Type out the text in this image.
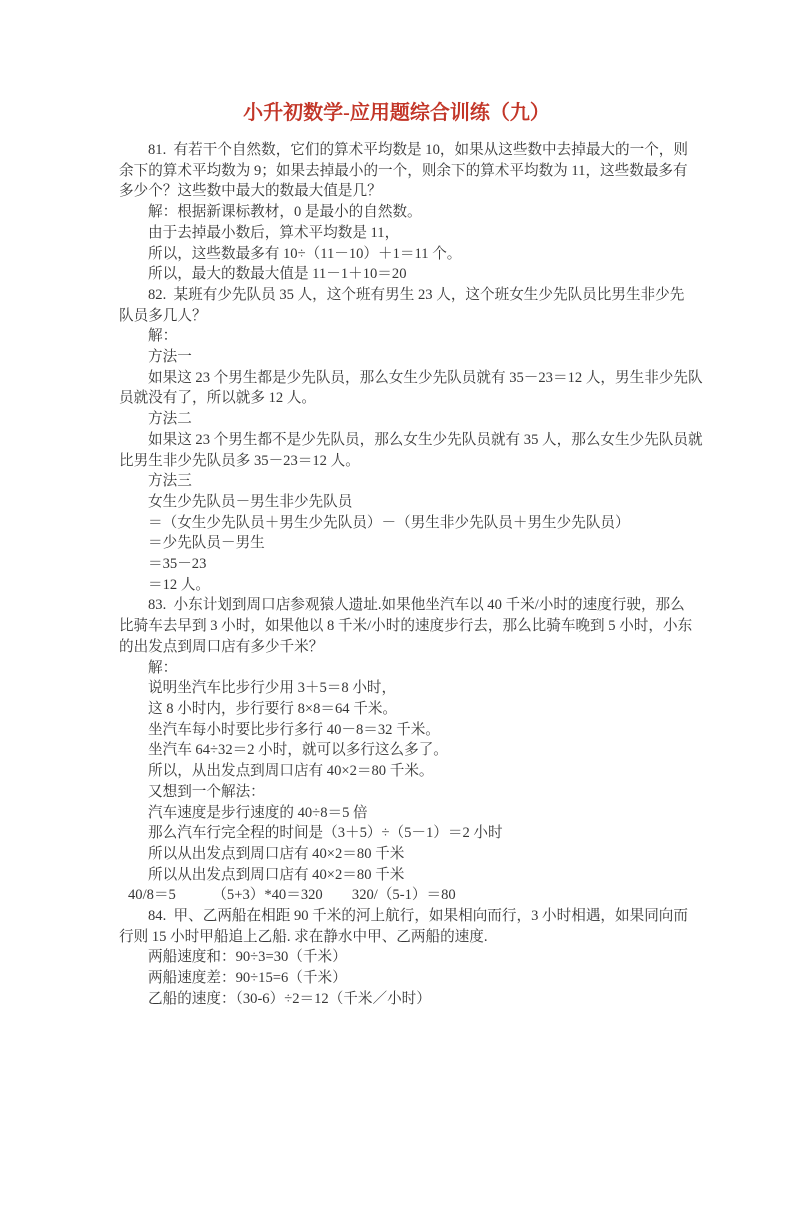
小升初数学-应用题综合训练（九）
81.  有若干个自然数，它们的算术平均数是 10，如果从这些数中去掉最大的一个，则
余下的算术平均数为 9；如果去掉最小的一个，则余下的算术平均数为 11，这些数最多有
多少个？这些数中最大的数最大值是几？
解：根据新课标教材，0 是最小的自然数。
由于去掉最小数后，算术平均数是 11，
所以，这些数最多有 10÷（11－10）＋1＝11 个。
所以，最大的数最大值是 11－1＋10＝20
82.  某班有少先队员 35 人，这个班有男生 23 人，这个班女生少先队员比男生非少先
队员多几人？
解：
方法一
如果这 23 个男生都是少先队员，那么女生少先队员就有 35－23＝12 人，男生非少先队
员就没有了，所以就多 12 人。
方法二
如果这 23 个男生都不是少先队员，那么女生少先队员就有 35 人，那么女生少先队员就
比男生非少先队员多 35－23＝12 人。
方法三
女生少先队员－男生非少先队员
＝（女生少先队员＋男生少先队员）－（男生非少先队员＋男生少先队员）
＝少先队员－男生
＝35－23
＝12 人。
83.  小东计划到周口店参观猿人遗址.如果他坐汽车以 40 千米/小时的速度行驶，那么
比骑车去早到 3 小时，如果他以 8 千米/小时的速度步行去，那么比骑车晚到 5 小时，小东
的出发点到周口店有多少千米？
解：
说明坐汽车比步行少用 3＋5＝8 小时，
这 8 小时内，步行要行 8×8＝64 千米。
坐汽车每小时要比步行多行 40－8＝32 千米。
坐汽车 64÷32＝2 小时，就可以多行这么多了。
所以，从出发点到周口店有 40×2＝80 千米。
又想到一个解法：
汽车速度是步行速度的 40÷8＝5 倍
那么汽车行完全程的时间是（3＋5）÷（5－1）＝2 小时
所以从出发点到周口店有 40×2＝80 千米
所以从出发点到周口店有 40×2＝80 千米
40/8＝5　　　（5+3）*40＝320　　320/（5-1）＝80
84.  甲、乙两船在相距 90 千米的河上航行，如果相向而行，3 小时相遇，如果同向而
行则 15 小时甲船追上乙船. 求在静水中甲、乙两船的速度.
两船速度和：90÷3=30（千米）
两船速度差：90÷15=6（千米）
乙船的速度：（30-6）÷2＝12（千米／小时）
